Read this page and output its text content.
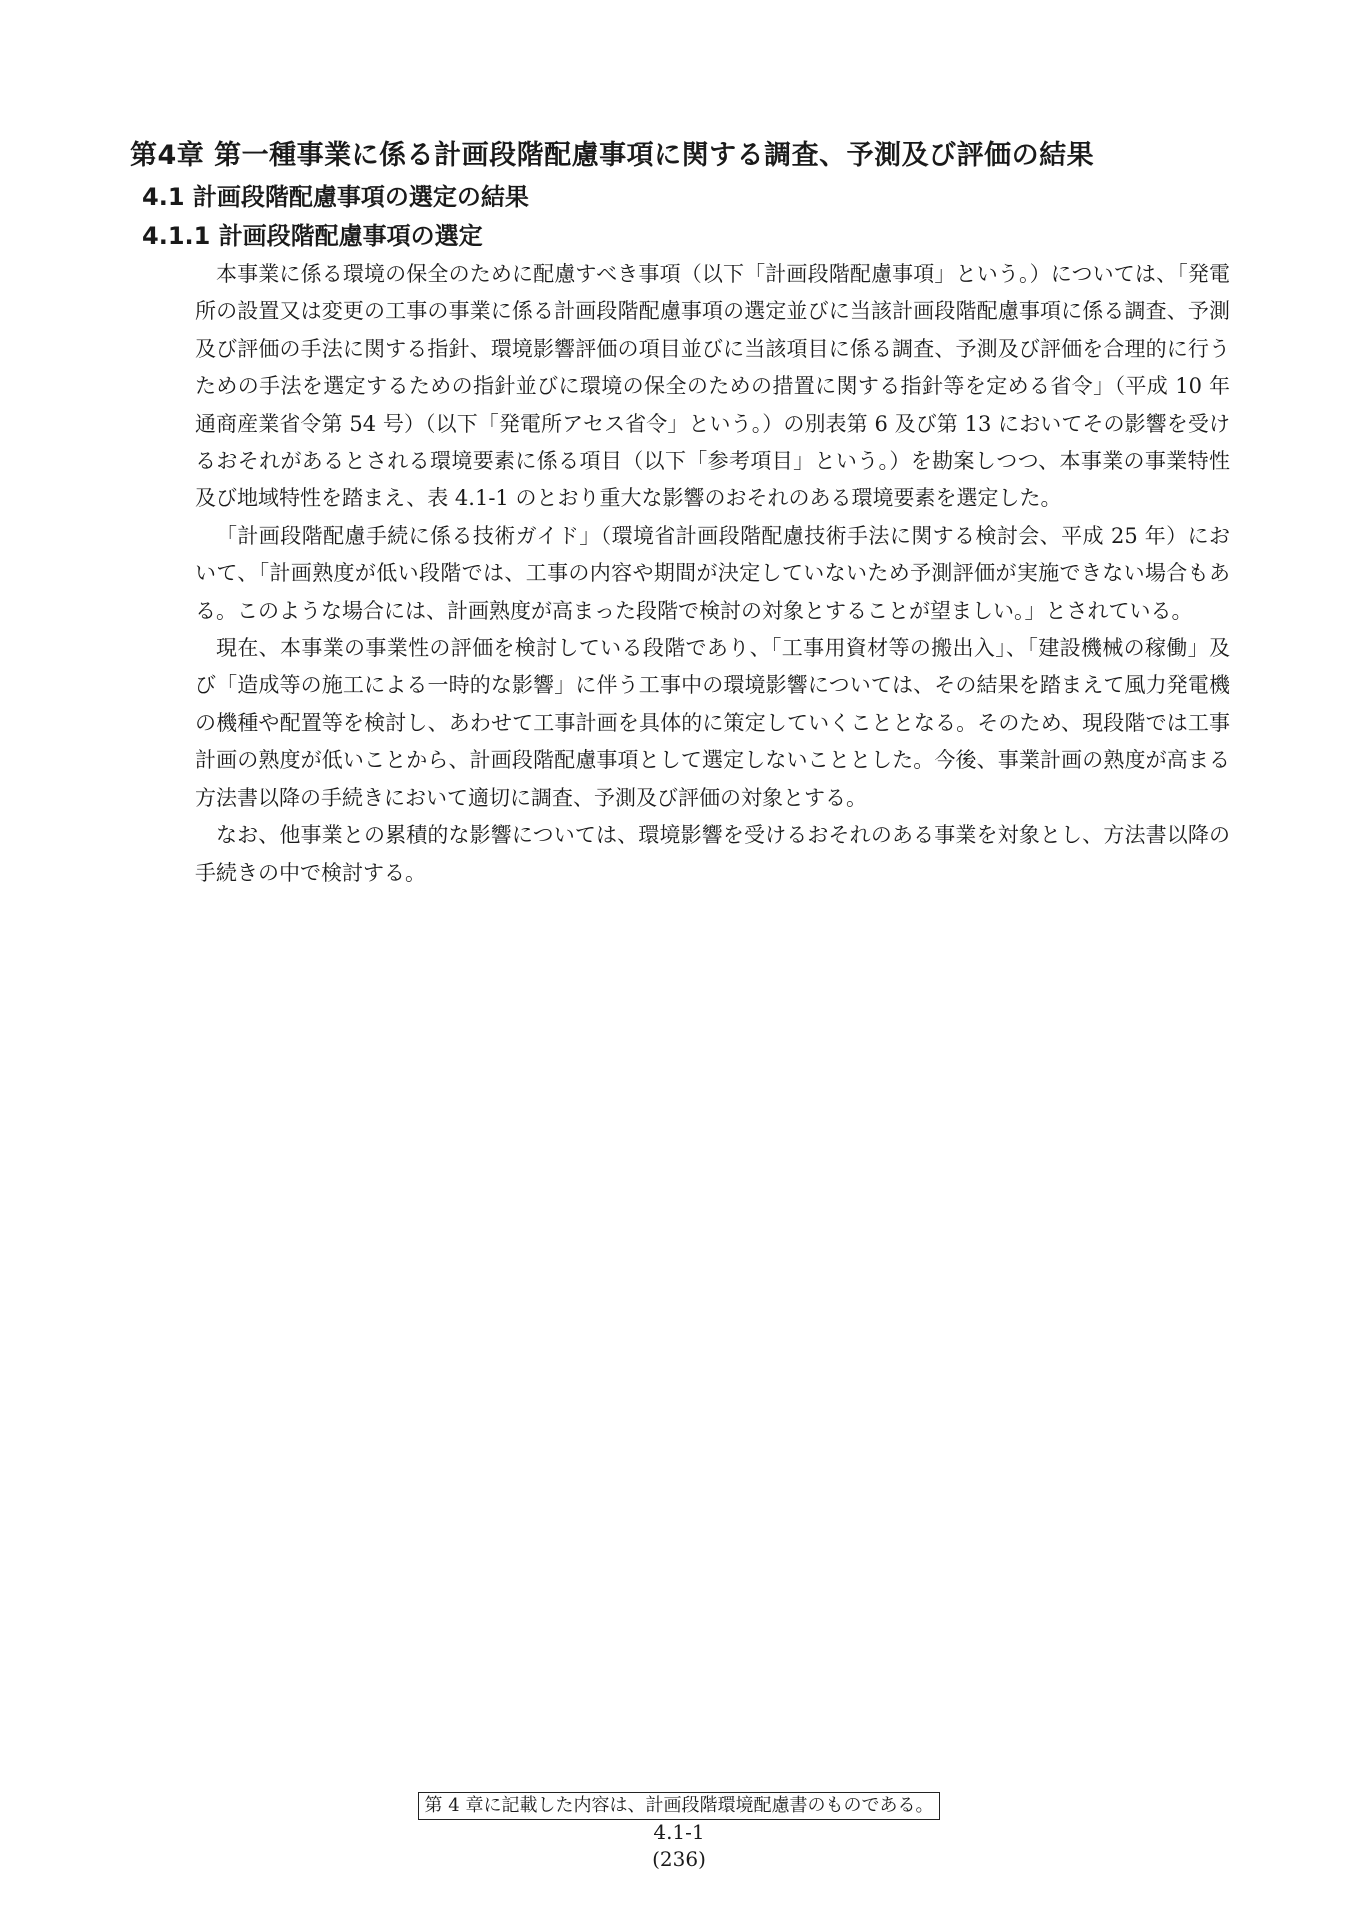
第4章 第一種事業に係る計画段階配慮事項に関する調査、予測及び評価の結果
4.1 計画段階配慮事項の選定の結果
4.1.1 計画段階配慮事項の選定

本事業に係る環境の保全のために配慮すべき事項（以下「計画段階配慮事項」という。）については、「発電所の設置又は変更の工事の事業に係る計画段階配慮事項の選定並びに当該計画段階配慮事項に係る調査、予測及び評価の手法に関する指針、環境影響評価の項目並びに当該項目に係る調査、予測及び評価を合理的に行うための手法を選定するための指針並びに環境の保全のための措置に関する指針等を定める省令」（平成 10 年通商産業省令第 54 号）（以下「発電所アセス省令」という。）の別表第 6 及び第 13 においてその影響を受けるおそれがあるとされる環境要素に係る項目（以下「参考項目」という。）を勘案しつつ、本事業の事業特性及び地域特性を踏まえ、表 4.1-1 のとおり重大な影響のおそれのある環境要素を選定した。

「計画段階配慮手続に係る技術ガイド」（環境省計画段階配慮技術手法に関する検討会、平成 25 年）において、「計画熟度が低い段階では、工事の内容や期間が決定していないため予測評価が実施できない場合もある。このような場合には、計画熟度が高まった段階で検討の対象とすることが望ましい。」とされている。

現在、本事業の事業性の評価を検討している段階であり、「工事用資材等の搬出入」、「建設機械の稼働」及び「造成等の施工による一時的な影響」に伴う工事中の環境影響については、その結果を踏まえて風力発電機の機種や配置等を検討し、あわせて工事計画を具体的に策定していくこととなる。そのため、現段階では工事計画の熟度が低いことから、計画段階配慮事項として選定しないこととした。今後、事業計画の熟度が高まる方法書以降の手続きにおいて適切に調査、予測及び評価の対象とする。

なお、他事業との累積的な影響については、環境影響を受けるおそれのある事業を対象とし、方法書以降の手続きの中で検討する。

第 4 章に記載した内容は、計画段階環境配慮書のものである。
4.1-1
(236)
